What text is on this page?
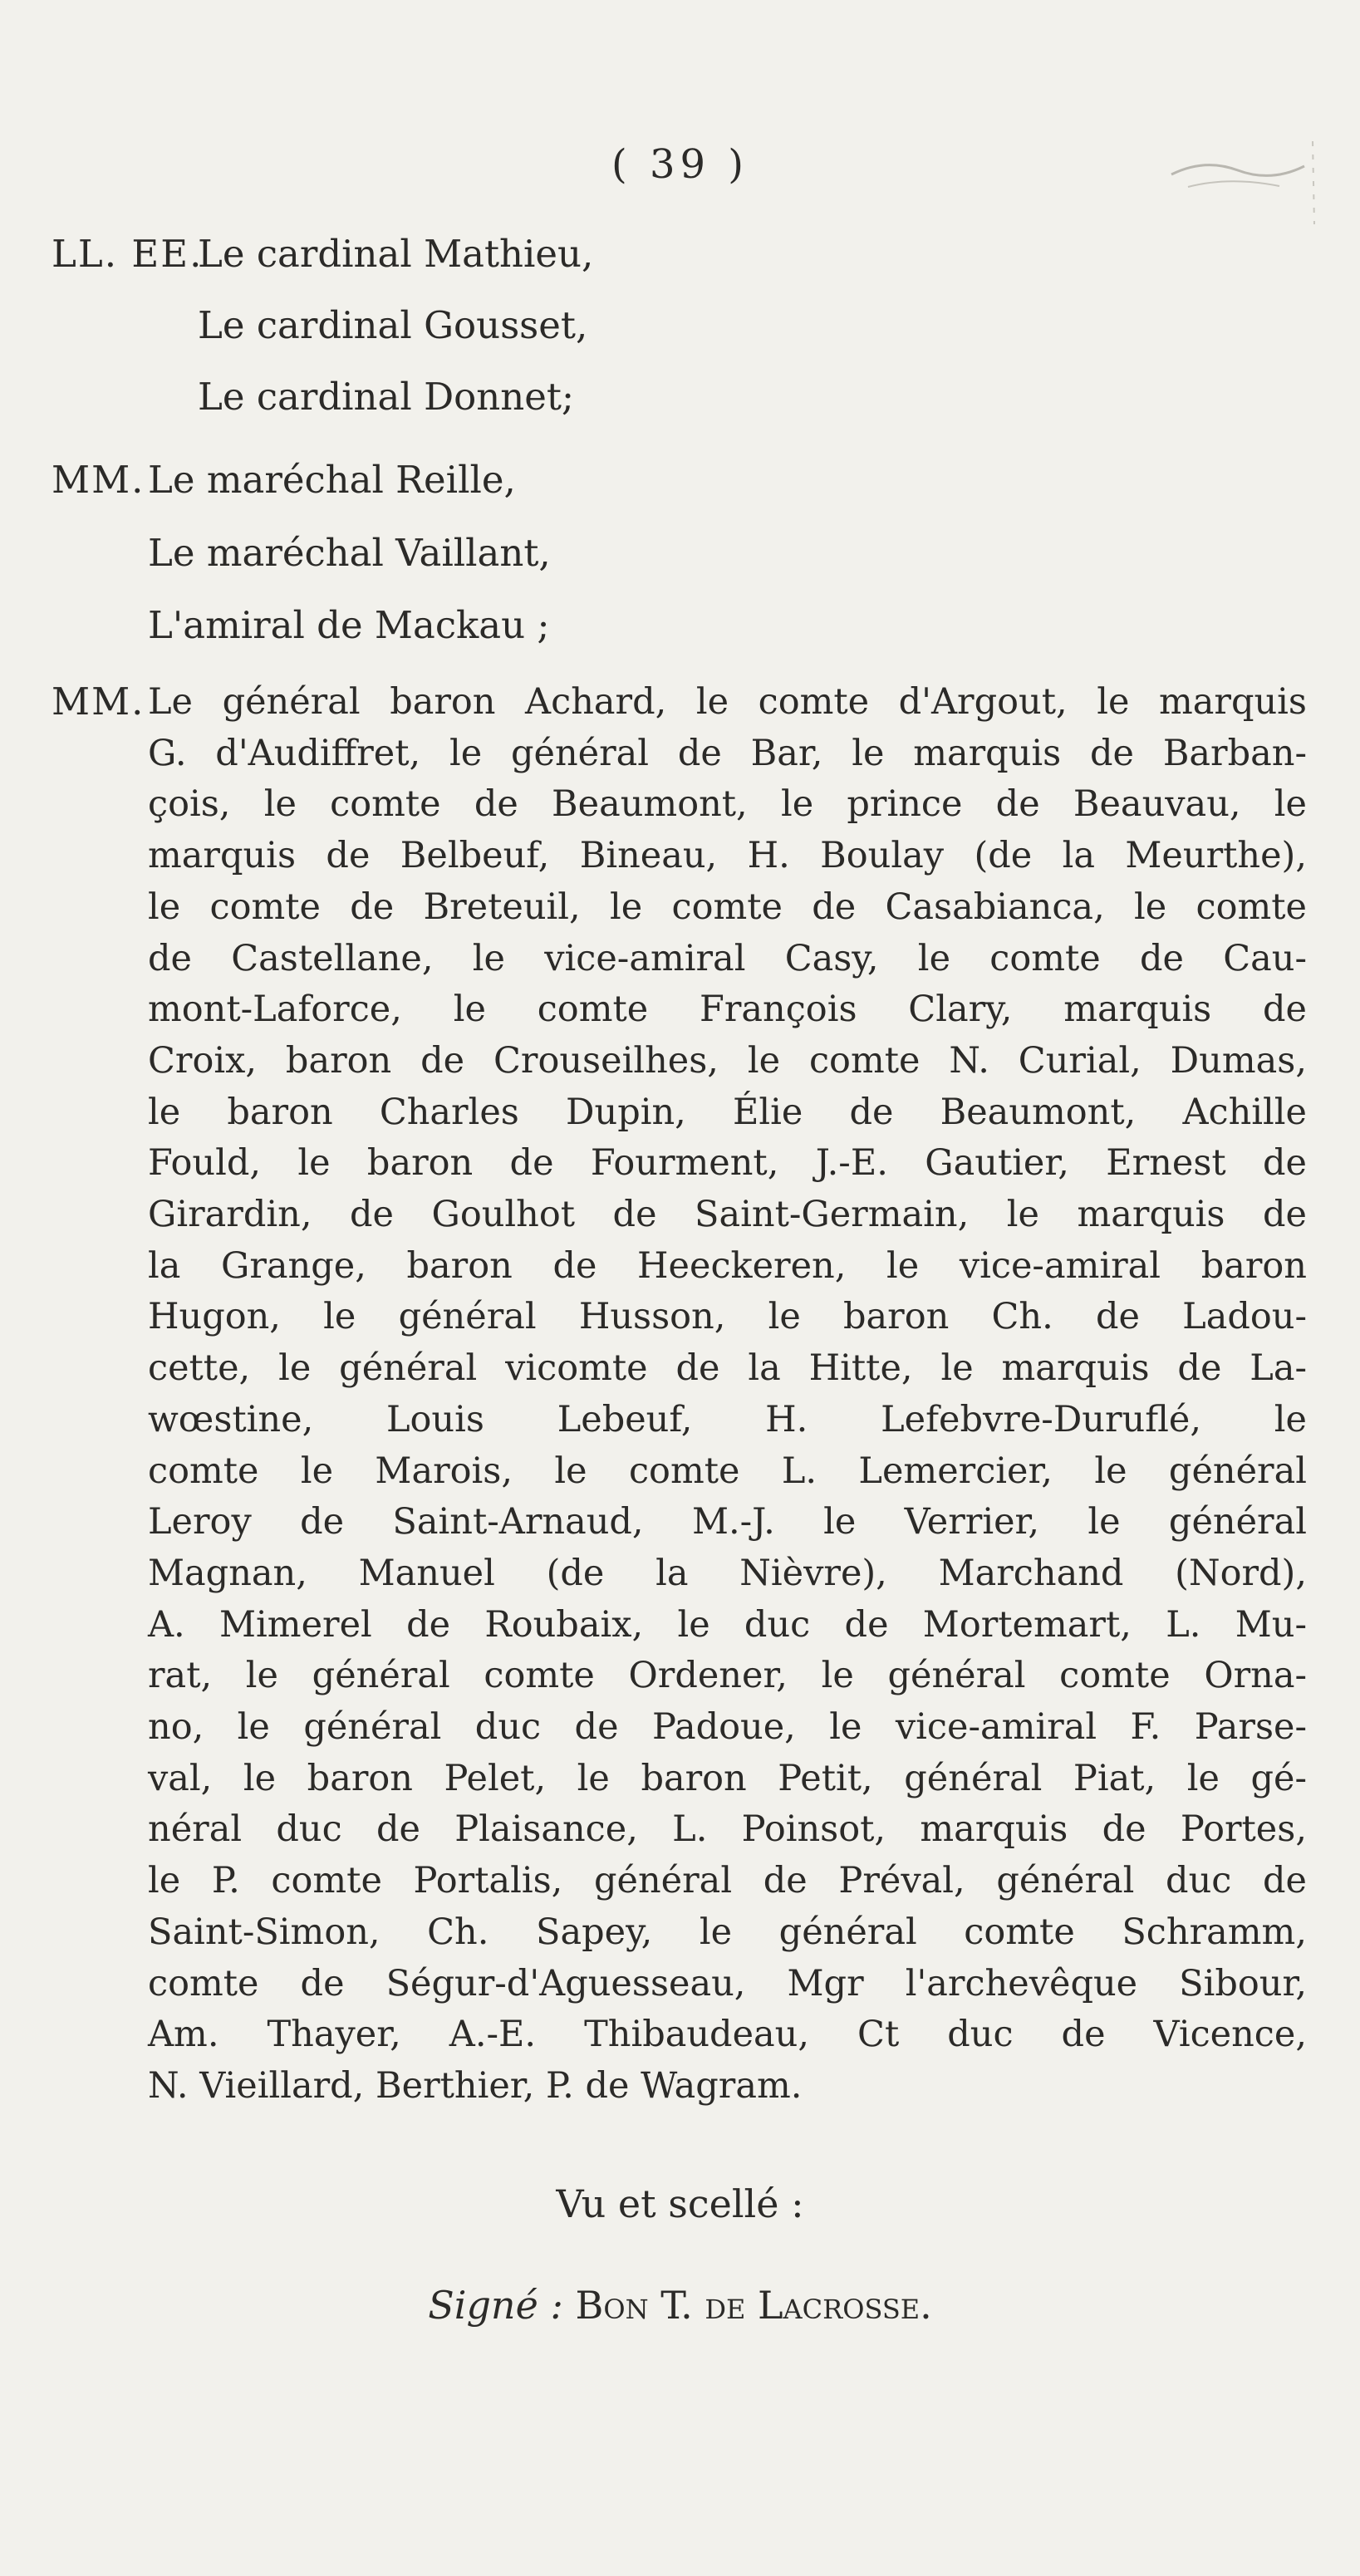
( 39 )
LL. EE.
Le cardinal Mathieu,
Le cardinal Gousset,
Le cardinal Donnet;
MM. Le maréchal Reille,
Le maréchal Vaillant,
L'amiral de Mackau ;
MM. Le général baron Achard, le comte d'Argout, le marquis
G. d'Audiffret, le général de Bar, le marquis de Barban-
çois, le comte de Beaumont, le prince de Beauvau, le
marquis de Belbeuf, Bineau, H. Boulay (de la Meurthe),
le comte de Breteuil, le comte de Casabianca, le comte
de Castellane, le vice-amiral Casy, le comte de Cau-
mont-Laforce, le comte François Clary, marquis de
Croix, baron de Crouseilhes, le comte N. Curial, Dumas,
le baron Charles Dupin, Élie de Beaumont, Achille
Fould, le baron de Fourment, J.-E. Gautier, Ernest de
Girardin, de Goulhot de Saint-Germain, le marquis de
la Grange, baron de Heeckeren, le vice-amiral baron
Hugon, le général Husson, le baron Ch. de Ladou-
cette, le général vicomte de la Hitte, le marquis de La-
wœstine, Louis Lebeuf, H. Lefebvre-Duruflé, le
comte le Marois, le comte L. Lemercier, le général
Leroy de Saint-Arnaud, M.-J. le Verrier, le général
Magnan, Manuel (de la Nièvre), Marchand (Nord),
A. Mimerel de Roubaix, le duc de Mortemart, L. Mu-
rat, le général comte Ordener, le général comte Orna-
no, le général duc de Padoue, le vice-amiral F. Parse-
val, le baron Pelet, le baron Petit, général Piat, le gé-
néral duc de Plaisance, L. Poinsot, marquis de Portes,
le P. comte Portalis, général de Préval, général duc de
Saint-Simon, Ch. Sapey, le général comte Schramm,
comte de Ségur-d'Aguesseau, Mgr l'archevêque Sibour,
Am. Thayer, A.-E. Thibaudeau, Ct duc de Vicence,
N. Vieillard, Berthier, P. de Wagram.
Vu et scellé :
Signé : Bon T. de Lacrosse.
